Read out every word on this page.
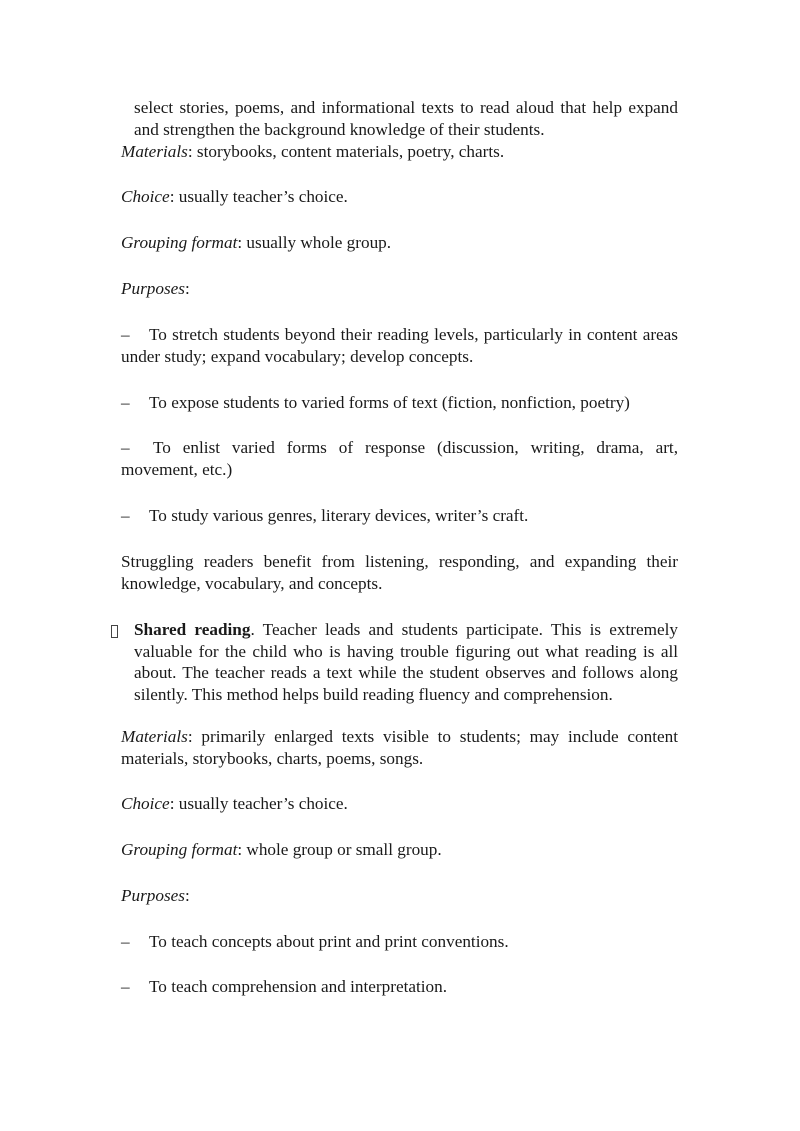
select stories, poems, and informational texts to read aloud that help expand and strengthen the background knowledge of their students.

Materials: storybooks, content materials, poetry, charts.

Choice: usually teacher’s choice.

Grouping format: usually whole group.

Purposes:

– To stretch students beyond their reading levels, particularly in content areas under study; expand vocabulary; develop concepts.

– To expose students to varied forms of text (fiction, nonfiction, poetry)

– To enlist varied forms of response (discussion, writing, drama, art, movement, etc.)

– To study various genres, literary devices, writer’s craft.

Struggling readers benefit from listening, responding, and expanding their knowledge, vocabulary, and concepts.

Shared reading. Teacher leads and students participate. This is extremely valuable for the child who is having trouble figuring out what reading is all about. The teacher reads a text while the student observes and follows along silently. This method helps build reading fluency and comprehension.

Materials: primarily enlarged texts visible to students; may include content materials, storybooks, charts, poems, songs.

Choice: usually teacher’s choice.

Grouping format: whole group or small group.

Purposes:

– To teach concepts about print and print conventions.

– To teach comprehension and interpretation.
